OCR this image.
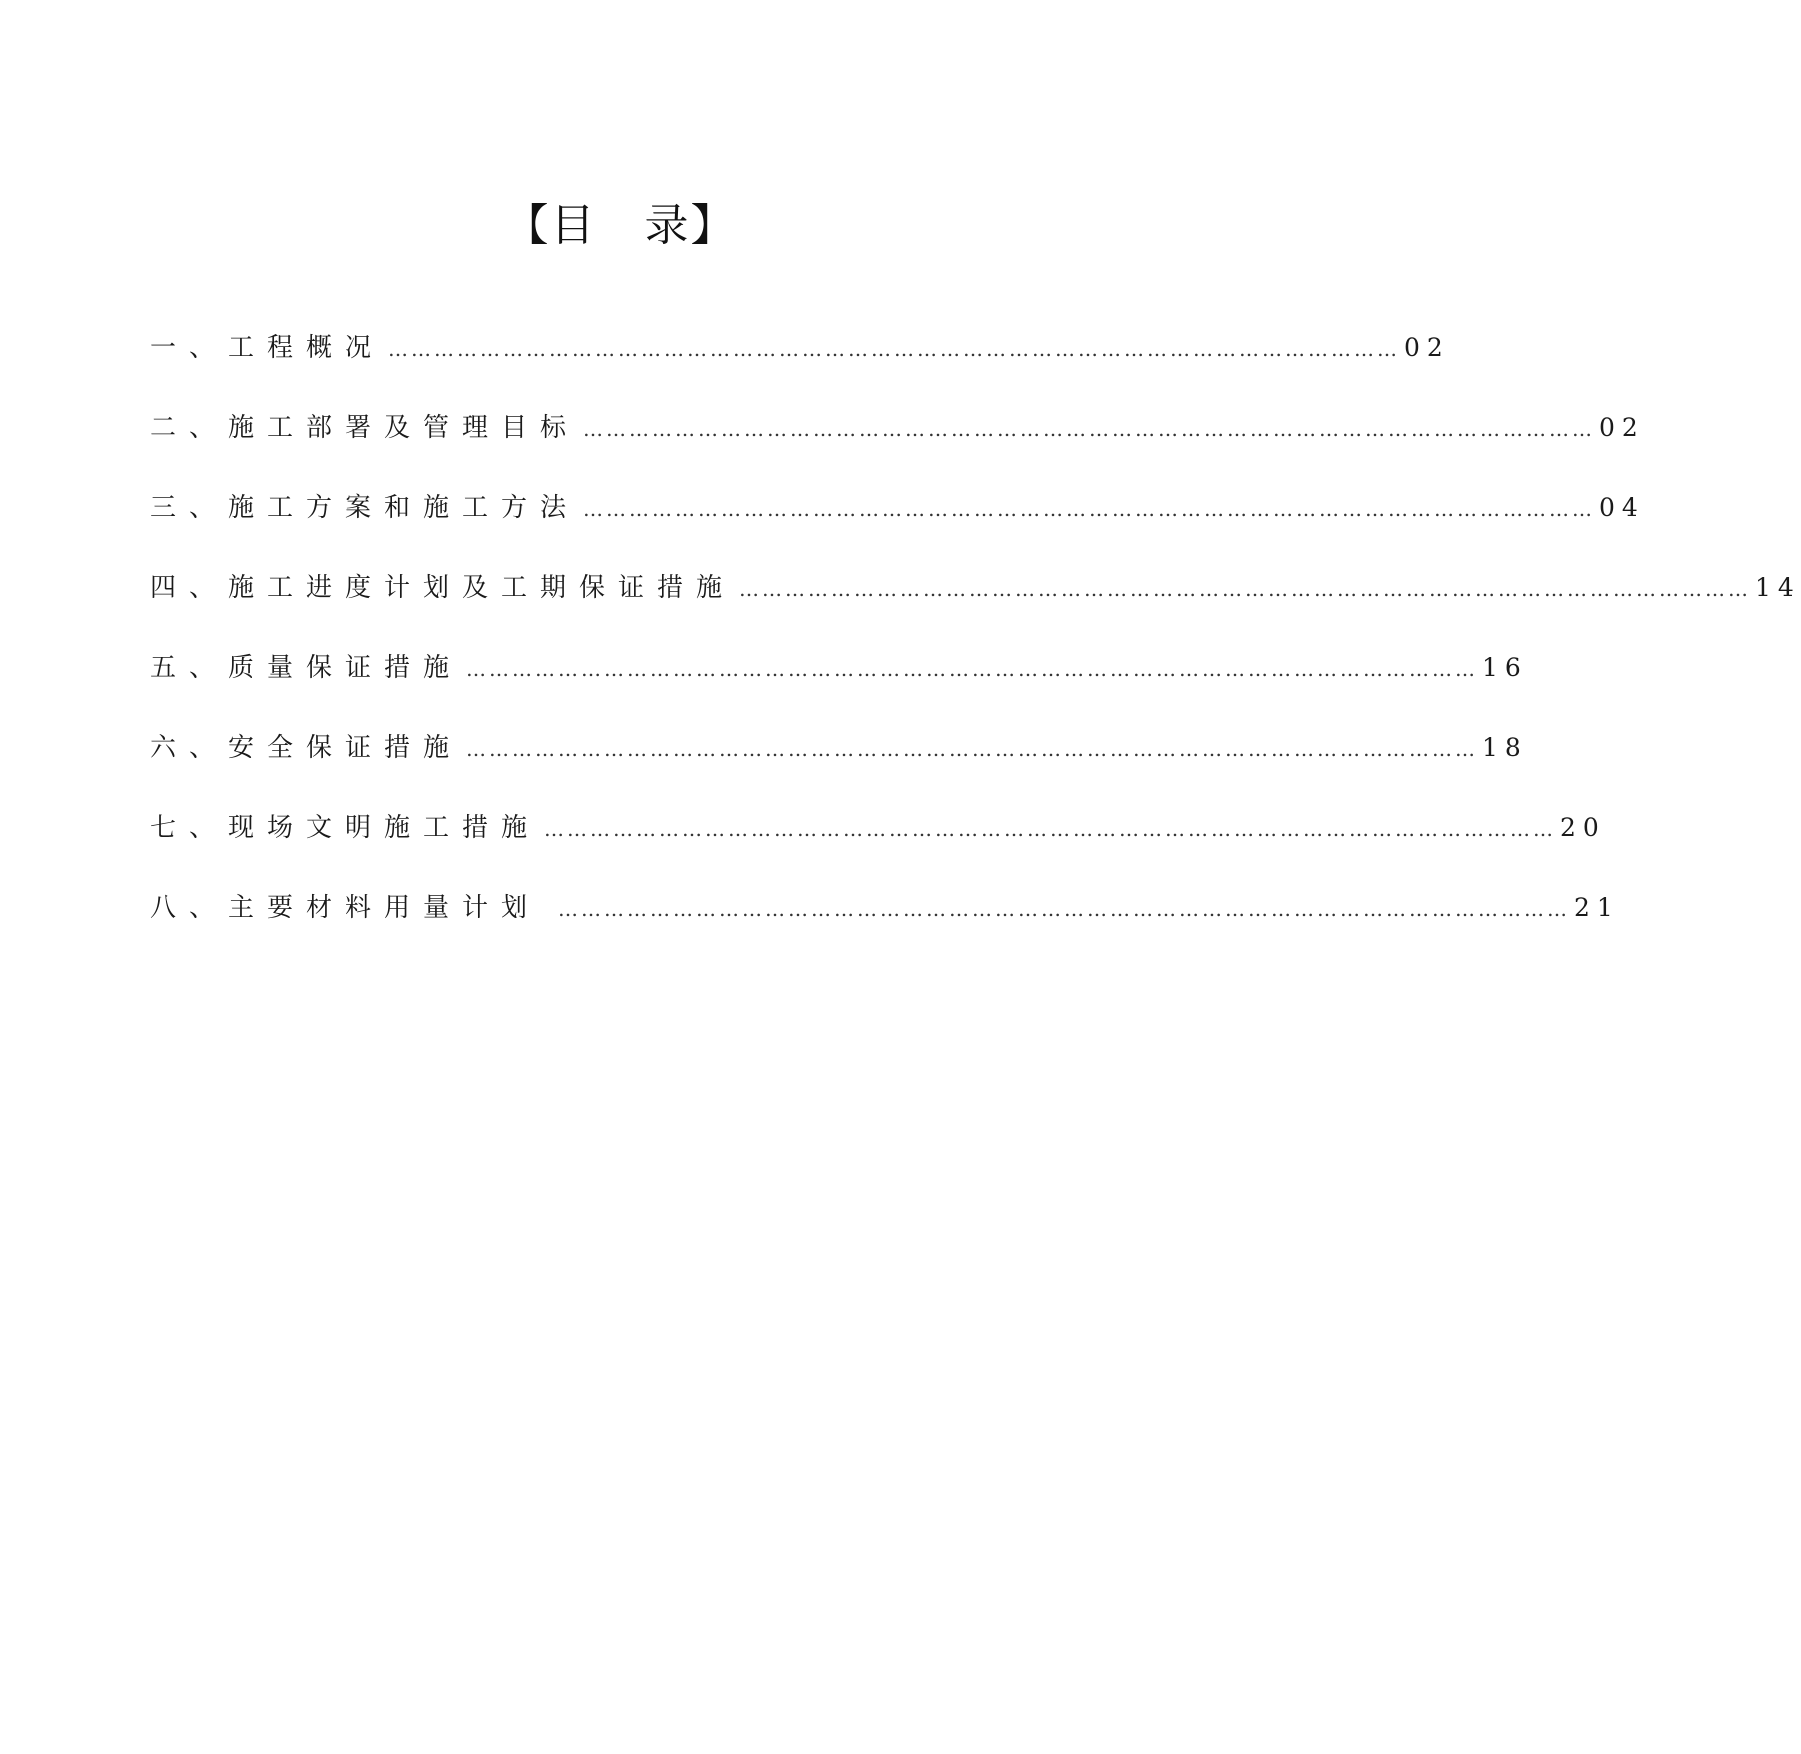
【目   录】
一、工程概况 …………………………………………………………………………………………………………………… 02
二、施工部署及管理目标 …………………………………………………………………………………………………………………… 02
三、施工方案和施工方法 …………………………………………………………………………………………………………………… 04
四、施工进度计划及工期保证措施 …………………………………………………………………………………………………………………… 14
五、质量保证措施 …………………………………………………………………………………………………………………… 16
六、安全保证措施 …………………………………………………………………………………………………………………… 18
七、现场文明施工措施 …………………………………………………………………………………………………………………… 20
八、主要材料用量计划 …………………………………………………………………………………………………………………… 21
